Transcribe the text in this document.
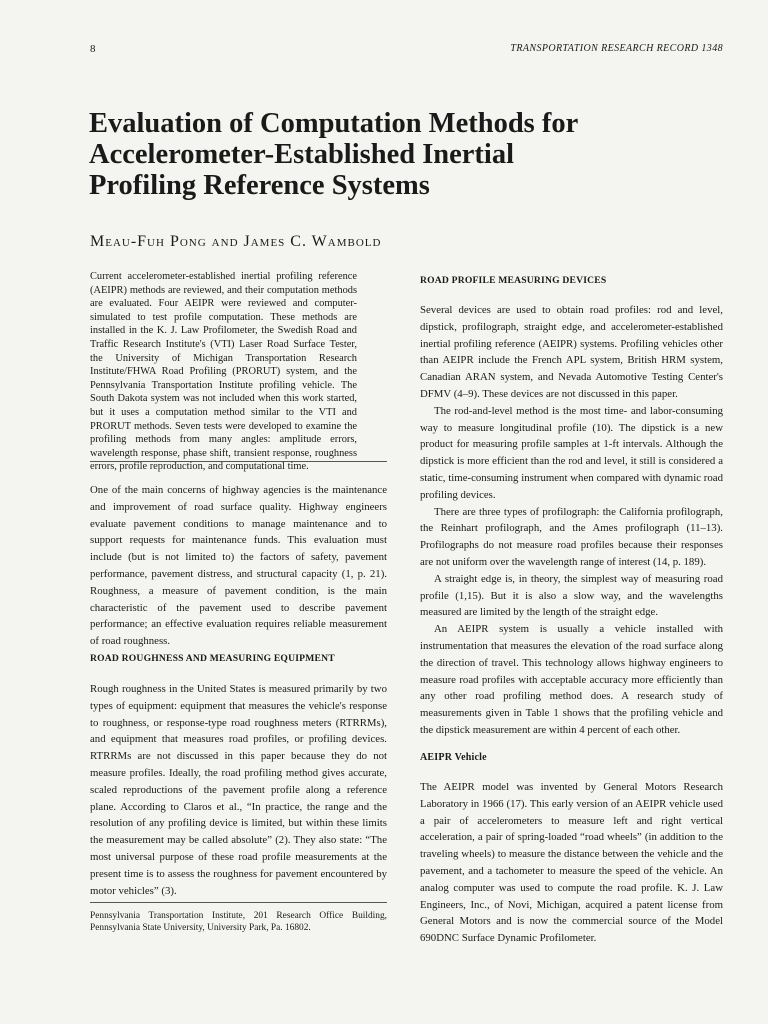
8	TRANSPORTATION RESEARCH RECORD 1348
Evaluation of Computation Methods for
Accelerometer-Established Inertial
Profiling Reference Systems
Meau-Fuh Pong and James C. Wambold

Current accelerometer-established inertial profiling reference (AEIPR) methods are reviewed, and their computation methods are evaluated. Four AEIPR were reviewed and computer-simulated to test profile computation. These methods are installed in the K. J. Law Profilometer, the Swedish Road and Traffic Research Institute's (VTI) Laser Road Surface Tester, the University of Michigan Transportation Research Institute/FHWA Road Profiling (PRORUT) system, and the Pennsylvania Transportation Institute profiling vehicle. The South Dakota system was not included when this work started, but it uses a computation method similar to the VTI and PRORUT methods. Seven tests were developed to examine the profiling methods from many angles: amplitude errors, wavelength response, phase shift, transient response, roughness errors, profile reproduction, and computational time.

One of the main concerns of highway agencies is the maintenance and improvement of road surface quality. Highway engineers evaluate pavement conditions to manage maintenance and to support requests for maintenance funds. This evaluation must include (but is not limited to) the factors of safety, pavement performance, pavement distress, and structural capacity (1, p. 21). Roughness, a measure of pavement condition, is the main characteristic of the pavement used to describe pavement performance; an effective evaluation requires reliable measurement of road roughness.

ROAD ROUGHNESS AND MEASURING EQUIPMENT

Rough roughness in the United States is measured primarily by two types of equipment: equipment that measures the vehicle's response to roughness, or response-type road roughness meters (RTRRMs), and equipment that measures road profiles, or profiling devices. RTRRMs are not discussed in this paper because they do not measure profiles. Ideally, the road profiling method gives accurate, scaled reproductions of the pavement profile along a reference plane. According to Claros et al., “In practice, the range and the resolution of any profiling device is limited, but within these limits the measurement may be called absolute” (2). They also state: “The most universal purpose of these road profile measurements at the present time is to assess the roughness for pavement encountered by motor vehicles” (3).

Pennsylvania Transportation Institute, 201 Research Office Building, Pennsylvania State University, University Park, Pa. 16802.
ROAD PROFILE MEASURING DEVICES

Several devices are used to obtain road profiles: rod and level, dipstick, profilograph, straight edge, and accelerometer-established inertial profiling reference (AEIPR) systems. Profiling vehicles other than AEIPR include the French APL system, British HRM system, Canadian ARAN system, and Nevada Automotive Testing Center's DFMV (4–9). These devices are not discussed in this paper.

The rod-and-level method is the most time- and labor-consuming way to measure longitudinal profile (10). The dipstick is a new product for measuring profile samples at 1-ft intervals. Although the dipstick is more efficient than the rod and level, it still is considered a static, time-consuming instrument when compared with dynamic road profiling devices.

There are three types of profilograph: the California profilograph, the Reinhart profilograph, and the Ames profilograph (11–13). Profilographs do not measure road profiles because their responses are not uniform over the wavelength range of interest (14, p. 189).

A straight edge is, in theory, the simplest way of measuring road profile (1,15). But it is also a slow way, and the wavelengths measured are limited by the length of the straight edge.

An AEIPR system is usually a vehicle installed with instrumentation that measures the elevation of the road surface along the direction of travel. This technology allows highway engineers to measure road profiles with acceptable accuracy more efficiently than any other road profiling method does. A research study of measurements given in Table 1 shows that the profiling vehicle and the dipstick measurement are within 4 percent of each other.

AEIPR Vehicle

The AEIPR model was invented by General Motors Research Laboratory in 1966 (17). This early version of an AEIPR vehicle used a pair of accelerometers to measure left and right vertical acceleration, a pair of spring-loaded “road wheels” (in addition to the traveling wheels) to measure the distance between the vehicle and the pavement, and a tachometer to measure the speed of the vehicle. An analog computer was used to compute the road profile. K. J. Law Engineers, Inc., of Novi, Michigan, acquired a patent license from General Motors and is now the commercial source of the Model 690DNC Surface Dynamic Profilometer.
